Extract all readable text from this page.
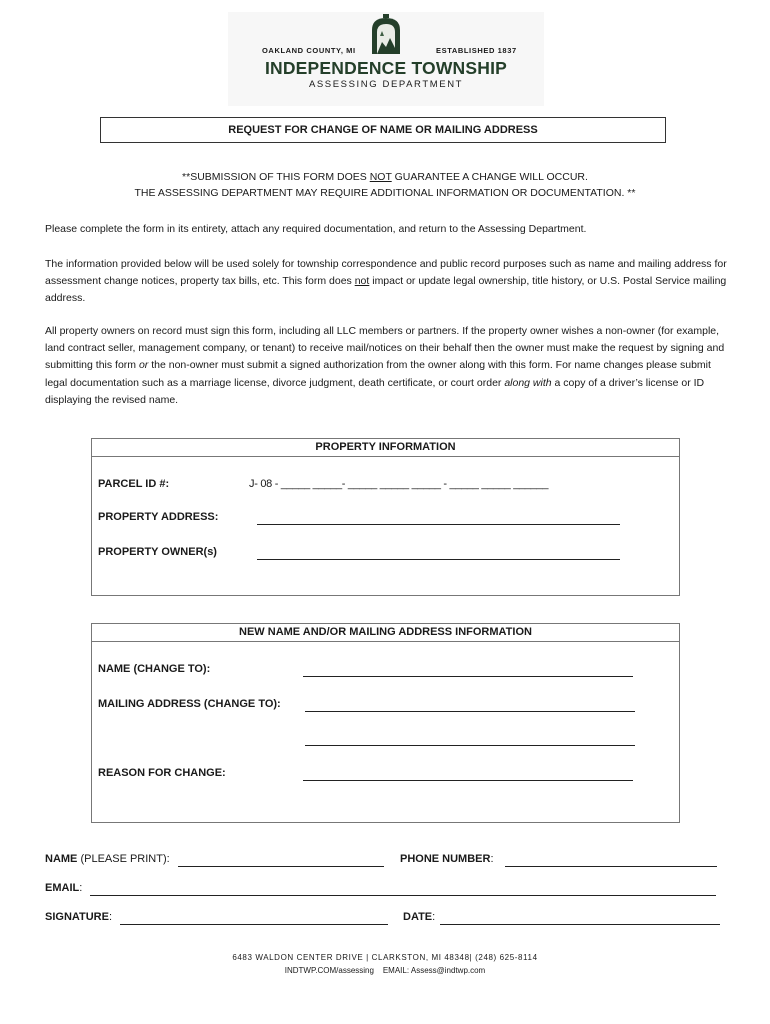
OAKLAND COUNTY, MI	ESTABLISHED 1837
INDEPENDENCE TOWNSHIP
ASSESSING DEPARTMENT
REQUEST FOR CHANGE OF NAME OR MAILING ADDRESS
**SUBMISSION OF THIS FORM DOES NOT GUARANTEE A CHANGE WILL OCCUR.
THE ASSESSING DEPARTMENT MAY REQUIRE ADDITIONAL INFORMATION OR DOCUMENTATION. **

Please complete the form in its entirety, attach any required documentation, and return to the Assessing Department.

The information provided below will be used solely for township correspondence and public record purposes such as name and mailing address for assessment change notices, property tax bills, etc. This form does not impact or update legal ownership, title history, or U.S. Postal Service mailing address.

All property owners on record must sign this form, including all LLC members or partners. If the property owner wishes a non-owner (for example, land contract seller, management company, or tenant) to receive mail/notices on their behalf then the owner must make the request by signing and submitting this form or the non-owner must submit a signed authorization from the owner along with this form. For name changes please submit legal documentation such as a marriage license, divorce judgment, death certificate, or court order along with a copy of a driver’s license or ID displaying the revised name.

PROPERTY INFORMATION
PARCEL ID #:	J- 08 - _____ _____- _____ _____ _____ - _____ _____ ______
PROPERTY ADDRESS:
PROPERTY OWNER(s)
NEW NAME AND/OR MAILING ADDRESS INFORMATION
NAME (CHANGE TO):
MAILING ADDRESS (CHANGE TO):
REASON FOR CHANGE:
NAME (PLEASE PRINT):	PHONE NUMBER:
EMAIL:
SIGNATURE:	DATE:
6483 WALDON CENTER DRIVE | CLARKSTON, MI 48348| (248) 625-8114
INDTWP.COM/assessing EMAIL: Assess@indtwp.com
